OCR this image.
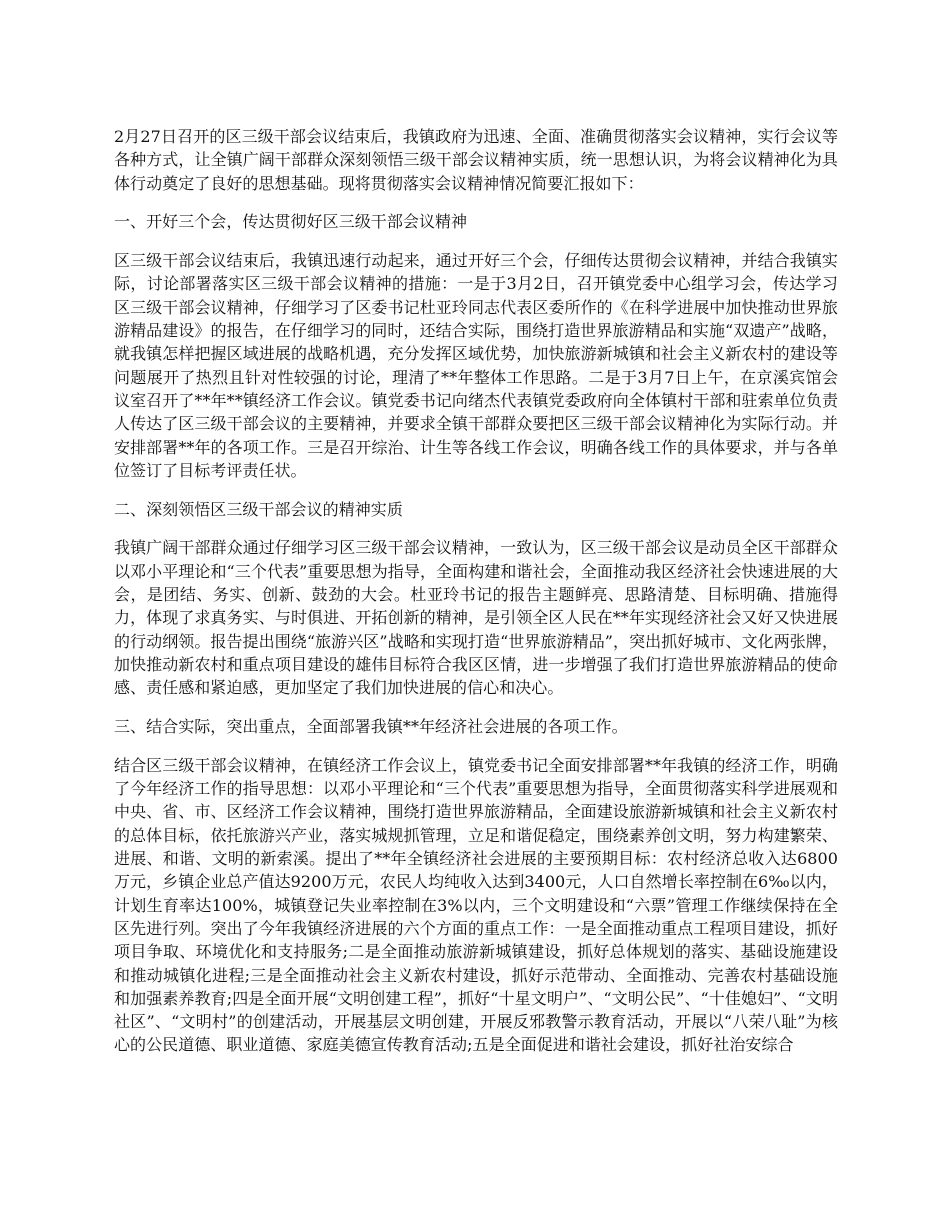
2月27日召开的区三级干部会议结束后，我镇政府为迅速、全面、准确贯彻落实会议精神，实行会议等各种方式，让全镇广阔干部群众深刻领悟三级干部会议精神实质，统一思想认识，为将会议精神化为具体行动奠定了良好的思想基础。现将贯彻落实会议精神情况简要汇报如下：

一、开好三个会，传达贯彻好区三级干部会议精神

区三级干部会议结束后，我镇迅速行动起来，通过开好三个会，仔细传达贯彻会议精神，并结合我镇实际，讨论部署落实区三级干部会议精神的措施：一是于3月2日，召开镇党委中心组学习会，传达学习区三级干部会议精神，仔细学习了区委书记杜亚玲同志代表区委所作的《在科学进展中加快推动世界旅游精品建设》的报告，在仔细学习的同时，还结合实际，围绕打造世界旅游精品和实施“双遗产”战略，就我镇怎样把握区域进展的战略机遇，充分发挥区域优势，加快旅游新城镇和社会主义新农村的建设等问题展开了热烈且针对性较强的讨论，理清了**年整体工作思路。二是于3月7日上午，在京溪宾馆会议室召开了**年**镇经济工作会议。镇党委书记向绪杰代表镇党委政府向全体镇村干部和驻索单位负责人传达了区三级干部会议的主要精神，并要求全镇干部群众要把区三级干部会议精神化为实际行动。并安排部署**年的各项工作。三是召开综治、计生等各线工作会议，明确各线工作的具体要求，并与各单位签订了目标考评责任状。

二、深刻领悟区三级干部会议的精神实质

我镇广阔干部群众通过仔细学习区三级干部会议精神，一致认为，区三级干部会议是动员全区干部群众以邓小平理论和“三个代表”重要思想为指导，全面构建和谐社会，全面推动我区经济社会快速进展的大会，是团结、务实、创新、鼓劲的大会。杜亚玲书记的报告主题鲜亮、思路清楚、目标明确、措施得力，体现了求真务实、与时俱进、开拓创新的精神，是引领全区人民在**年实现经济社会又好又快进展的行动纲领。报告提出围绕“旅游兴区”战略和实现打造“世界旅游精品”，突出抓好城市、文化两张牌，加快推动新农村和重点项目建设的雄伟目标符合我区区情，进一步增强了我们打造世界旅游精品的使命感、责任感和紧迫感，更加坚定了我们加快进展的信心和决心。

三、结合实际，突出重点，全面部署我镇**年经济社会进展的各项工作。

结合区三级干部会议精神，在镇经济工作会议上，镇党委书记全面安排部署**年我镇的经济工作，明确了今年经济工作的指导思想：以邓小平理论和“三个代表”重要思想为指导，全面贯彻落实科学进展观和中央、省、市、区经济工作会议精神，围绕打造世界旅游精品，全面建设旅游新城镇和社会主义新农村的总体目标，依托旅游兴产业，落实城规抓管理，立足和谐促稳定，围绕素养创文明，努力构建繁荣、进展、和谐、文明的新索溪。提出了**年全镇经济社会进展的主要预期目标：农村经济总收入达6800万元，乡镇企业总产值达9200万元，农民人均纯收入达到3400元，人口自然增长率控制在6‰以内，计划生育率达100%，城镇登记失业率控制在3%以内，三个文明建设和“六票”管理工作继续保持在全区先进行列。突出了今年我镇经济进展的六个方面的重点工作：一是全面推动重点工程项目建设，抓好项目争取、环境优化和支持服务;二是全面推动旅游新城镇建设，抓好总体规划的落实、基础设施建设和推动城镇化进程;三是全面推动社会主义新农村建设，抓好示范带动、全面推动、完善农村基础设施和加强素养教育;四是全面开展“文明创建工程”，抓好“十星文明户”、“文明公民”、“十佳媳妇”、“文明社区”、“文明村”的创建活动，开展基层文明创建，开展反邪教警示教育活动，开展以“八荣八耻”为核心的公民道德、职业道德、家庭美德宣传教育活动;五是全面促进和谐社会建设，抓好社治安综合
